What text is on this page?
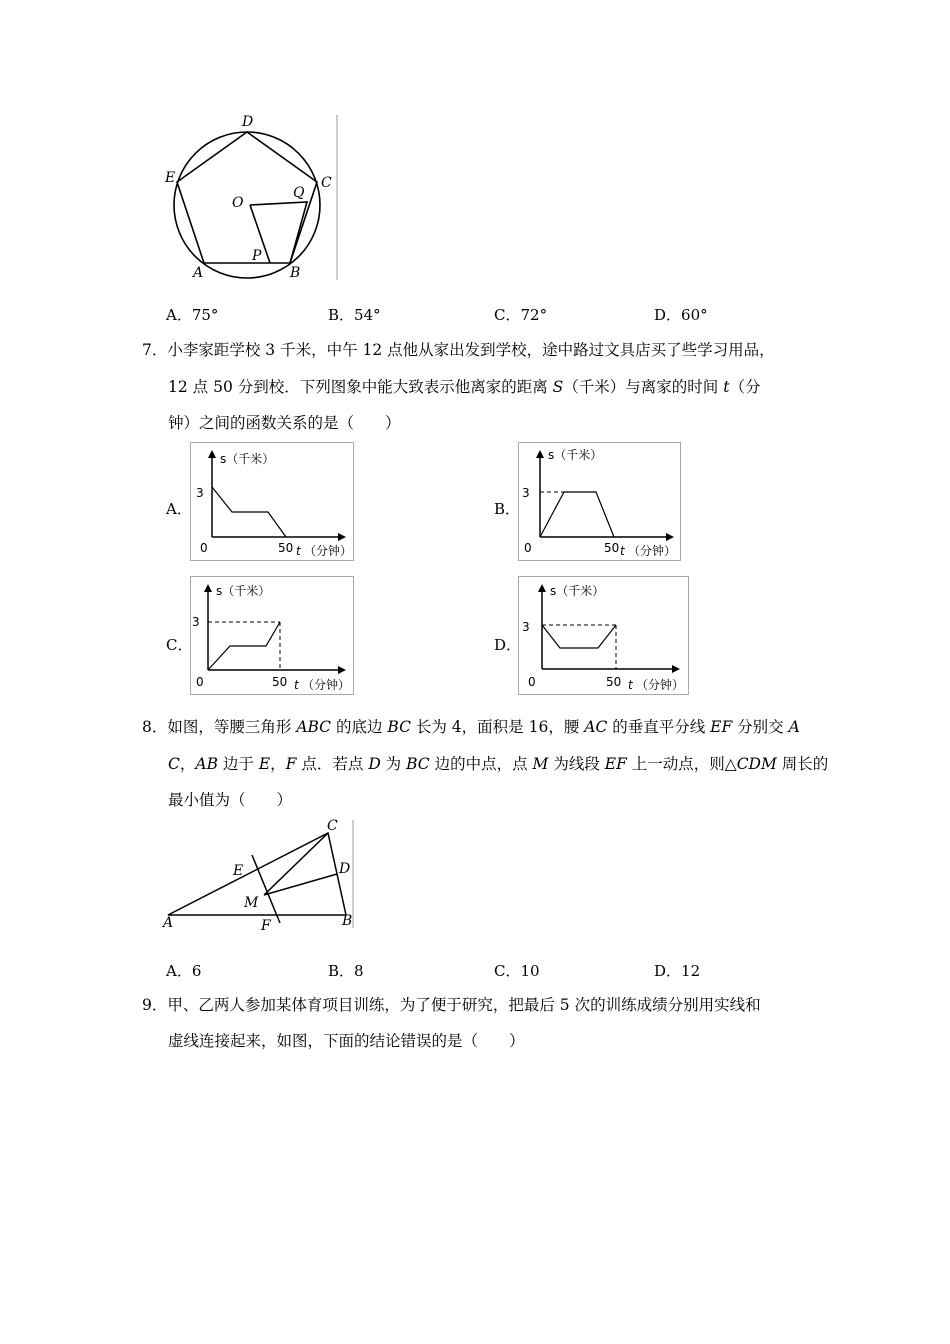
D
E	C
O
Q
A
P
B
A．75°	B．54°	C．72°	D．60°
7．小李家距学校 3 千米，中午 12 点他从家出发到学校，途中路过文具店买了些学习用品，
12 点 50 分到校．下列图象中能大致表示他离家的距离 S（千米）与离家的时间 t（分
钟）之间的函数关系的是（　　）
A．	B．
C．	D．
s（千米）
3
0	50 t （分钟）
s（千米）
3
0	50 t （分钟）
s（千米）
3
0	50 t （分钟）
s（千米）
3
0	50 t （分钟）
8．如图，等腰三角形 ABC 的底边 BC 长为 4，面积是 16，腰 AC 的垂直平分线 EF 分别交 A
C，AB 边于 E，F 点．若点 D 为 BC 边的中点，点 M 为线段 EF 上一动点，则△CDM 周长的
最小值为（　　）
C
E	D
M
A	F	B
A．6	B．8	C．10	D．12
9．甲、乙两人参加某体育项目训练，为了便于研究，把最后 5 次的训练成绩分别用实线和
虚线连接起来，如图，下面的结论错误的是（　　）
